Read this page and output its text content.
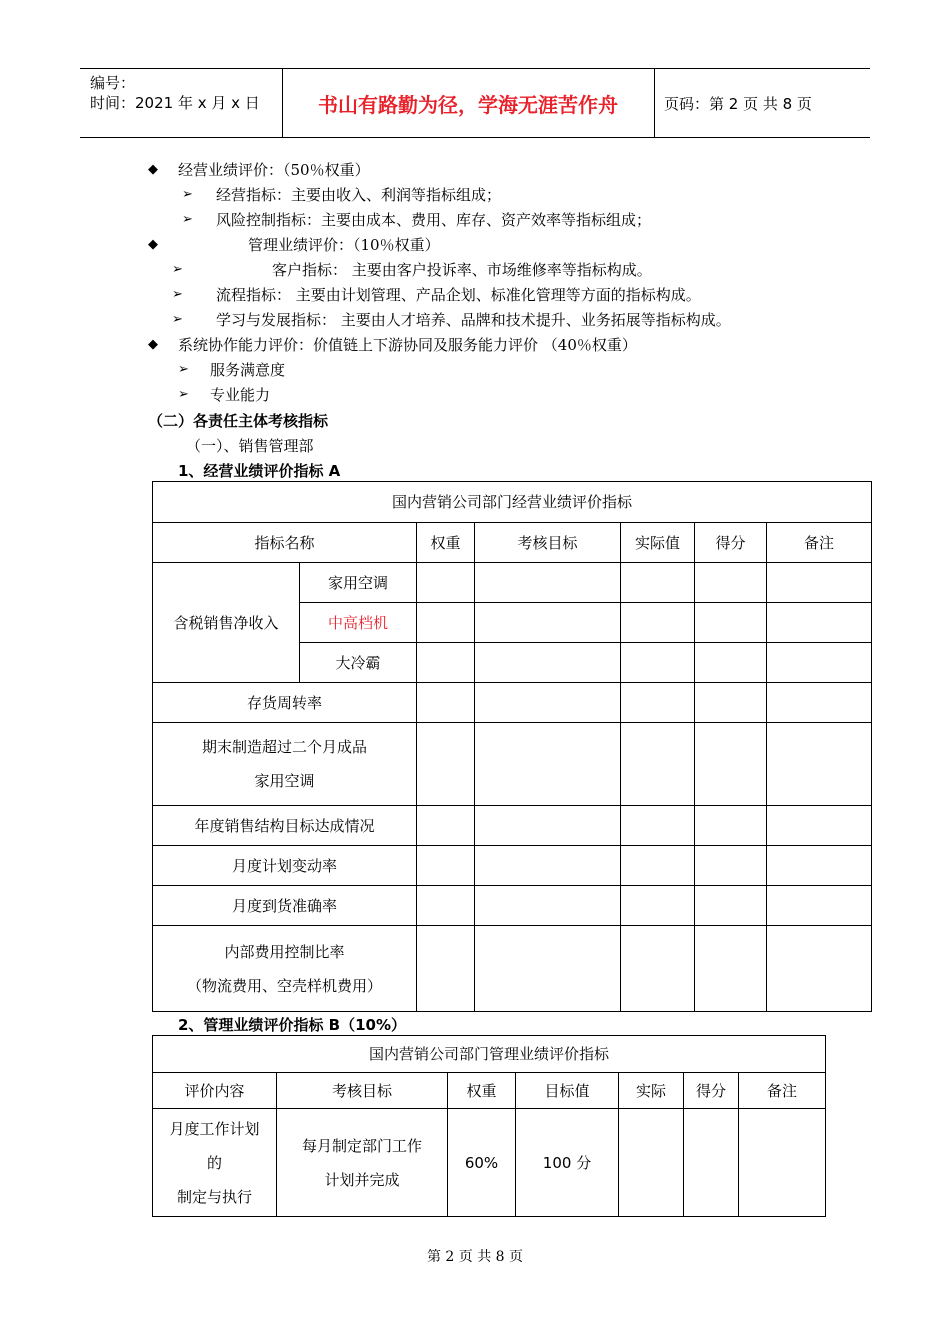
编号：
时间：2021 年 x 月 x 日	书山有路勤为径，学海无涯苦作舟	页码：第 2 页 共 8 页
◆ 经营业绩评价：（50％权重）
➢ 经营指标：主要由收入、利润等指标组成；
➢ 风险控制指标：主要由成本、费用、库存、资产效率等指标组成；
◆	管理业绩评价：（10％权重）
➢	客户指标： 主要由客户投诉率、市场维修率等指标构成。
➢ 流程指标： 主要由计划管理、产品企划、标准化管理等方面的指标构成。
➢ 学习与发展指标： 主要由人才培养、品牌和技术提升、业务拓展等指标构成。
◆ 系统协作能力评价：价值链上下游协同及服务能力评价 （40％权重）
➢ 服务满意度
➢ 专业能力
（二）各责任主体考核指标
（一）、销售管理部
1、经营业绩评价指标 A
国内营销公司部门经营业绩评价指标						
指标名称		权重	考核目标	实际值	得分	备注
含税销售净收入	家用空调					
	中高档机					
	大冷霸					
存货周转率						

期末制造超过二个月成品
家用空调						

年度销售结构目标达成情况						
月度计划变动率						
月度到货准确率						

内部费用控制比率
（物流费用、空壳样机费用）						

2、管理业绩评价指标 B（10%）
国内营销公司部门管理业绩评价指标						
评价内容	考核目标	权重	目标值	实际	得分	备注

月度工作计划
的
制定与执行	每月制定部门工作
计划并完成	60%	100 分			
第 2 页 共 8 页
